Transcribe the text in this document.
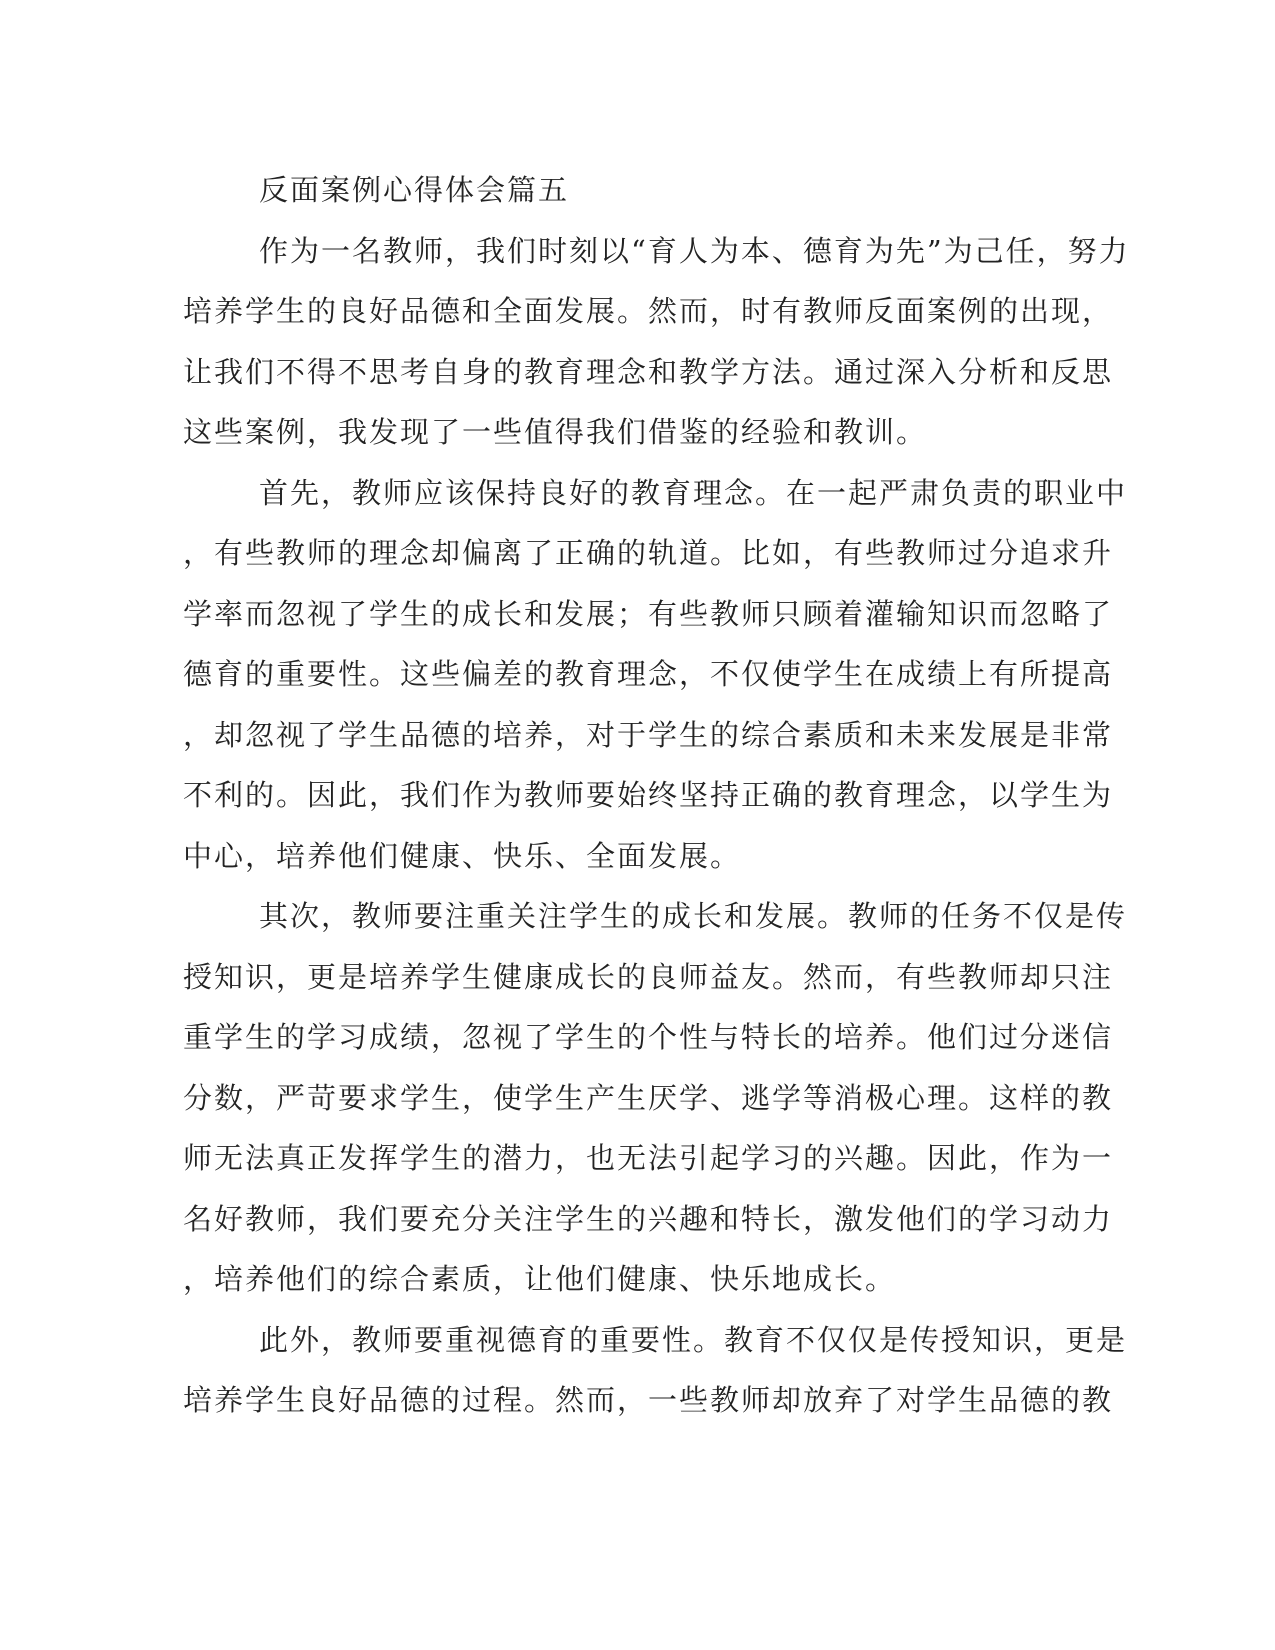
反面案例心得体会篇五
作为一名教师，我们时刻以“育人为本、德育为先”为己任，努力
培养学生的良好品德和全面发展。然而，时有教师反面案例的出现，
让我们不得不思考自身的教育理念和教学方法。通过深入分析和反思
这些案例，我发现了一些值得我们借鉴的经验和教训。
首先，教师应该保持良好的教育理念。在一起严肃负责的职业中
，有些教师的理念却偏离了正确的轨道。比如，有些教师过分追求升
学率而忽视了学生的成长和发展；有些教师只顾着灌输知识而忽略了
德育的重要性。这些偏差的教育理念，不仅使学生在成绩上有所提高
，却忽视了学生品德的培养，对于学生的综合素质和未来发展是非常
不利的。因此，我们作为教师要始终坚持正确的教育理念，以学生为
中心，培养他们健康、快乐、全面发展。
其次，教师要注重关注学生的成长和发展。教师的任务不仅是传
授知识，更是培养学生健康成长的良师益友。然而，有些教师却只注
重学生的学习成绩，忽视了学生的个性与特长的培养。他们过分迷信
分数，严苛要求学生，使学生产生厌学、逃学等消极心理。这样的教
师无法真正发挥学生的潜力，也无法引起学习的兴趣。因此，作为一
名好教师，我们要充分关注学生的兴趣和特长，激发他们的学习动力
，培养他们的综合素质，让他们健康、快乐地成长。
此外，教师要重视德育的重要性。教育不仅仅是传授知识，更是
培养学生良好品德的过程。然而，一些教师却放弃了对学生品德的教
